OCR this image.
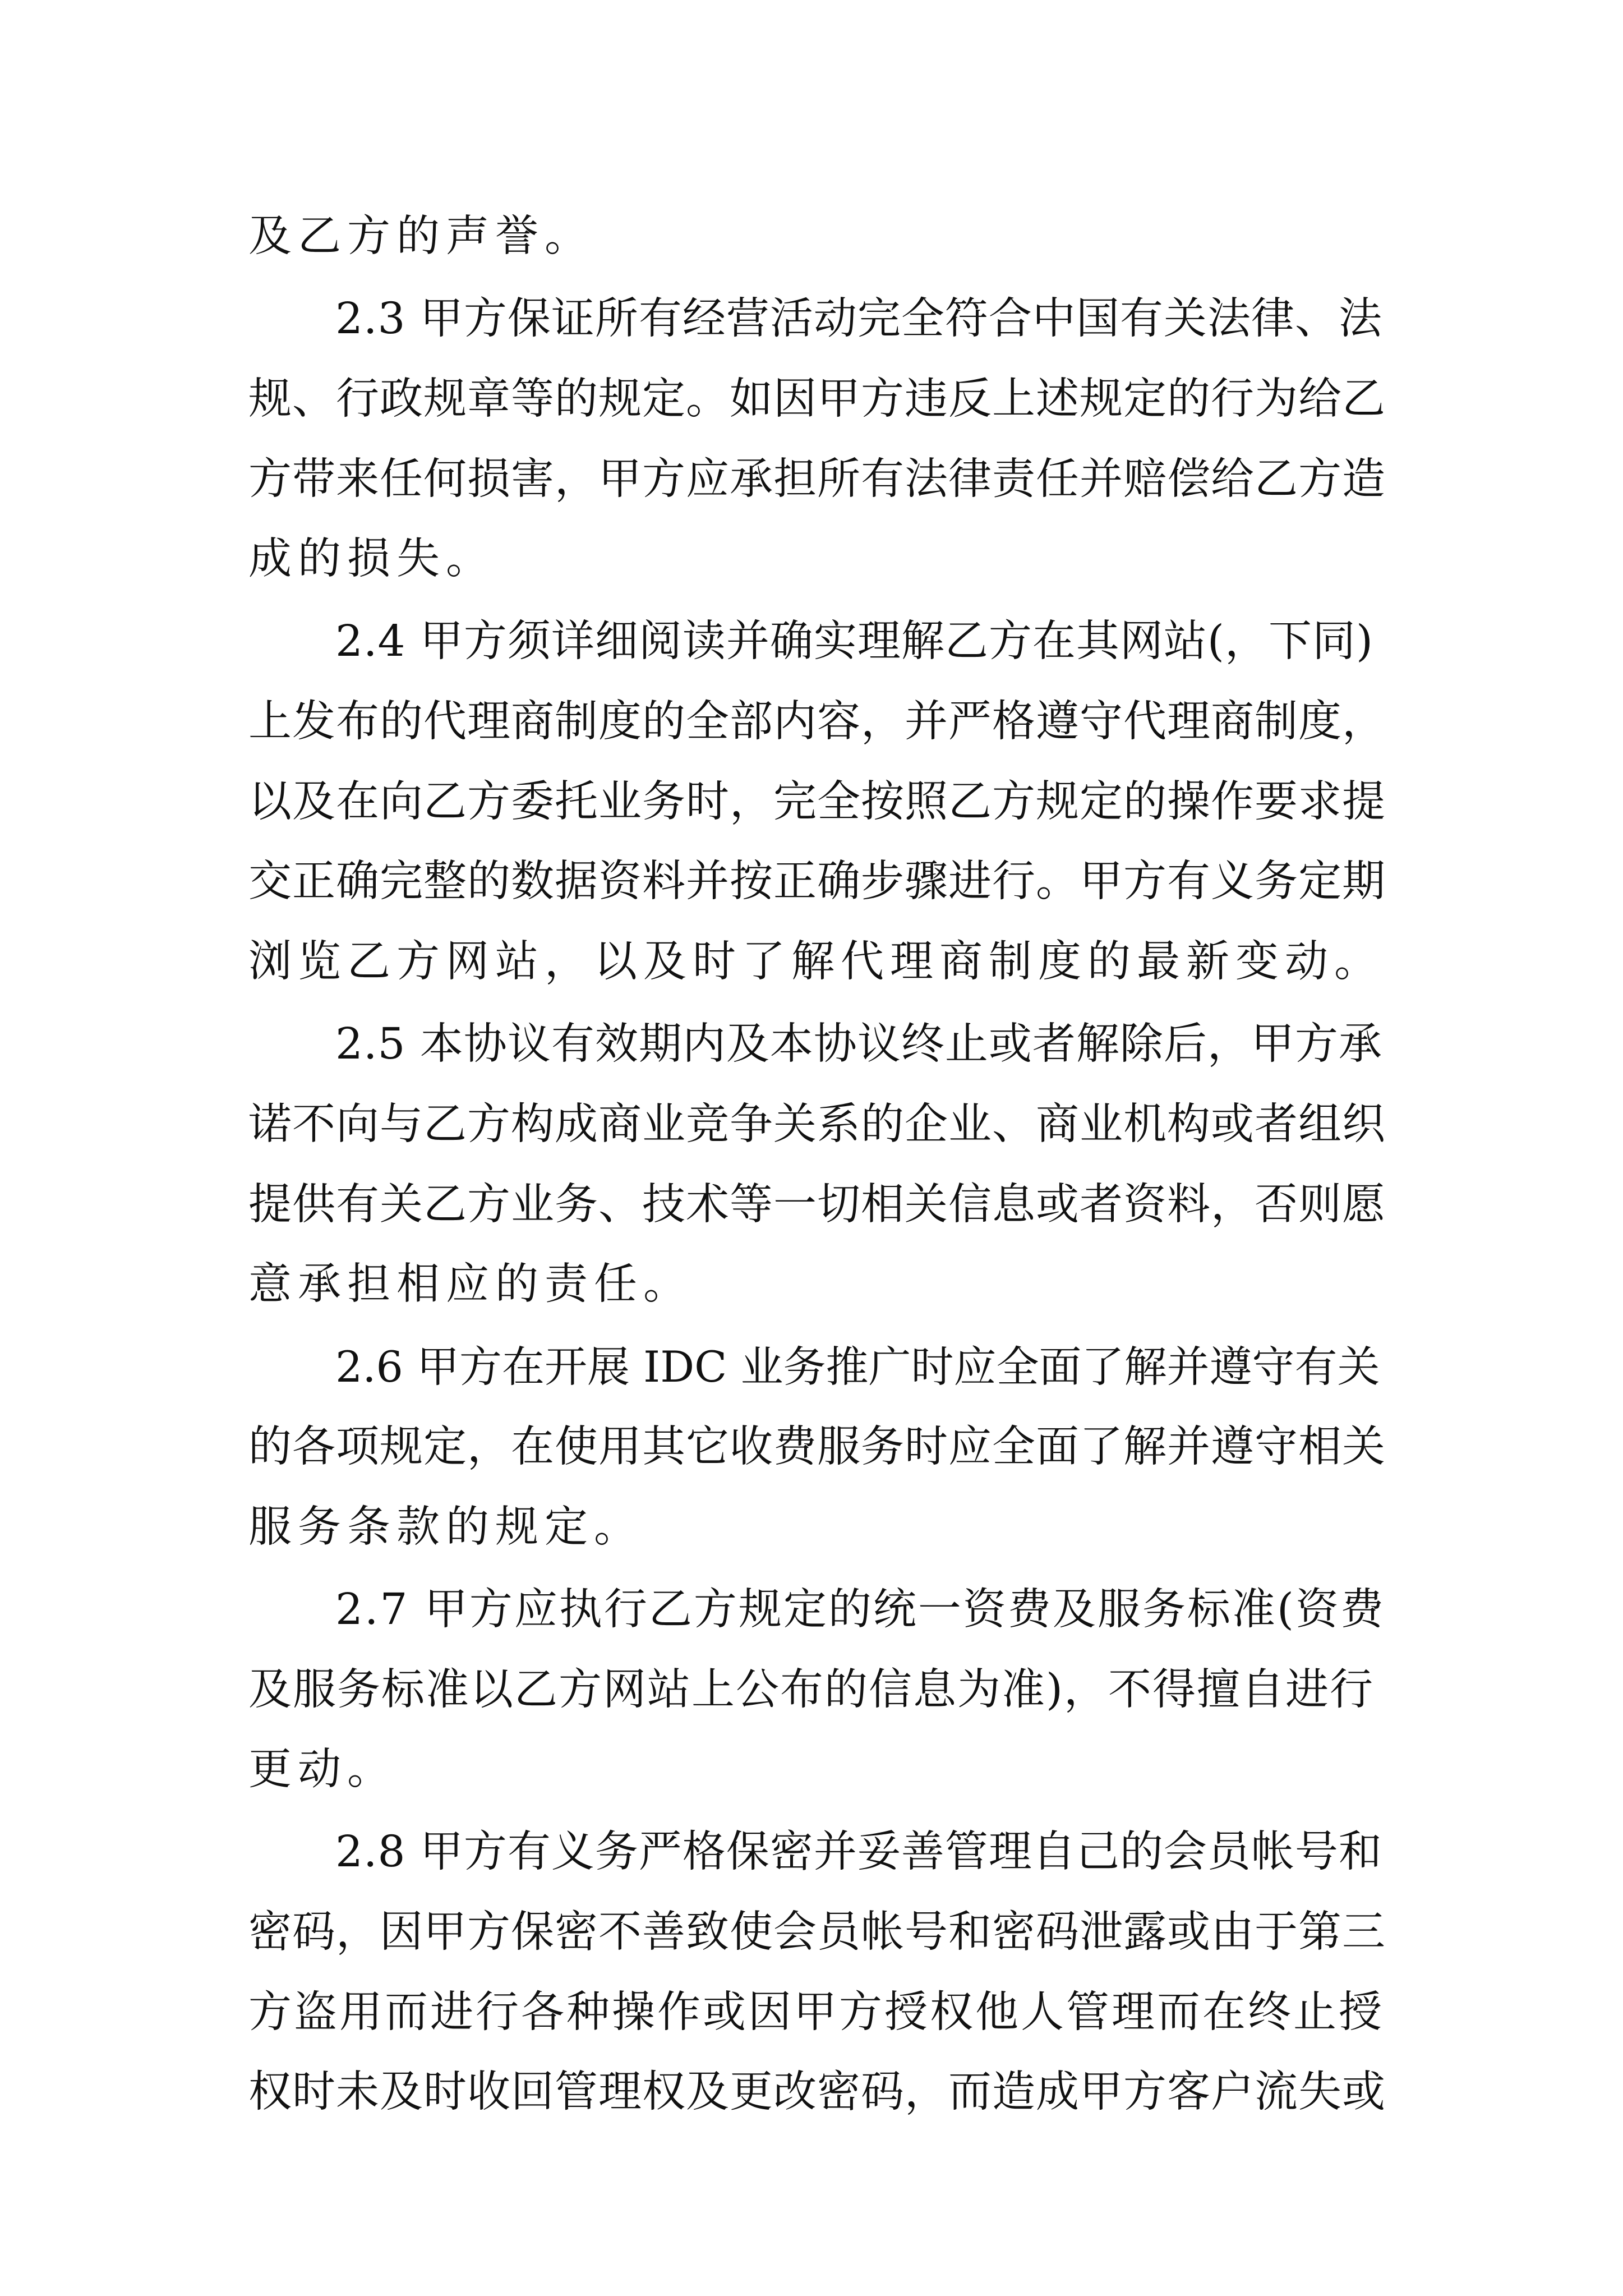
及乙方的声誉。
2.3 甲方保证所有经营活动完全符合中国有关法律、法
规、行政规章等的规定。如因甲方违反上述规定的行为给乙
方带来任何损害，甲方应承担所有法律责任并赔偿给乙方造
成的损失。
2.4 甲方须详细阅读并确实理解乙方在其网站(，下同)
上发布的代理商制度的全部内容，并严格遵守代理商制度，
以及在向乙方委托业务时，完全按照乙方规定的操作要求提
交正确完整的数据资料并按正确步骤进行。甲方有义务定期
浏览乙方网站，以及时了解代理商制度的最新变动。
2.5 本协议有效期内及本协议终止或者解除后，甲方承
诺不向与乙方构成商业竞争关系的企业、商业机构或者组织
提供有关乙方业务、技术等一切相关信息或者资料，否则愿
意承担相应的责任。
2.6 甲方在开展 IDC 业务推广时应全面了解并遵守有关
的各项规定，在使用其它收费服务时应全面了解并遵守相关
服务条款的规定。
2.7 甲方应执行乙方规定的统一资费及服务标准(资费
及服务标准以乙方网站上公布的信息为准)，不得擅自进行
更动。
2.8 甲方有义务严格保密并妥善管理自己的会员帐号和
密码，因甲方保密不善致使会员帐号和密码泄露或由于第三
方盗用而进行各种操作或因甲方授权他人管理而在终止授
权时未及时收回管理权及更改密码，而造成甲方客户流失或
